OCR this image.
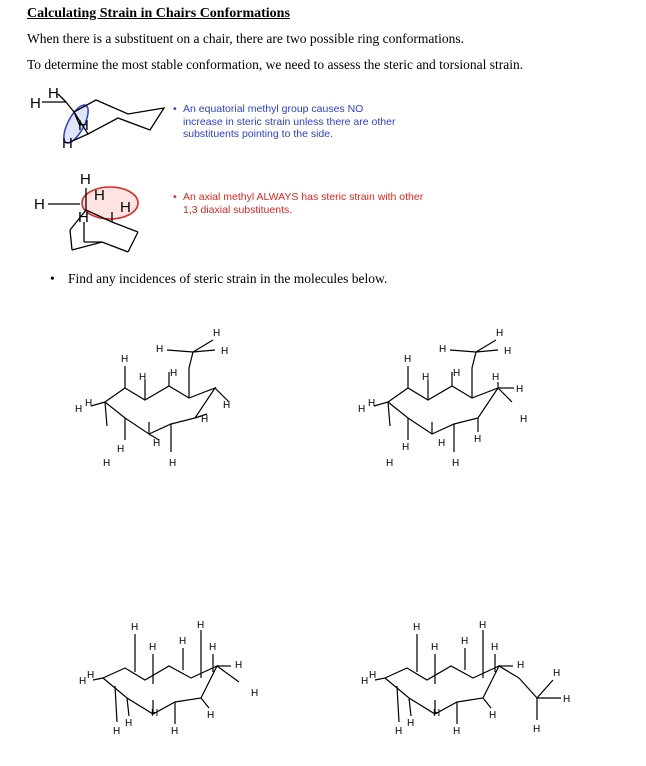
Calculating Strain in Chairs Conformations
When there is a substituent on a chair, there are two possible ring conformations.
To determine the most stable conformation, we need to assess the steric and torsional strain.
H
H
H
H
• An equatorial methyl group causes NO
increase in steric strain unless there are other
substituents pointing to the side.
H
H
H
H
H
• An axial methyl ALWAYS has steric strain with other
1,3 diaxial substituents.
• Find any incidences of steric strain in the molecules below.
H
H
H
H
H
H
H
H
H
H
H
H
H
H
H
H
H
H
H
H
H
H
H
H
H
H
H
H
H
H
H
H
H
H
H
H
H
H
H
H
H
H
H
H
H
H
H
H
H
H
H
H
H
H
H
H
H
H
H
H
